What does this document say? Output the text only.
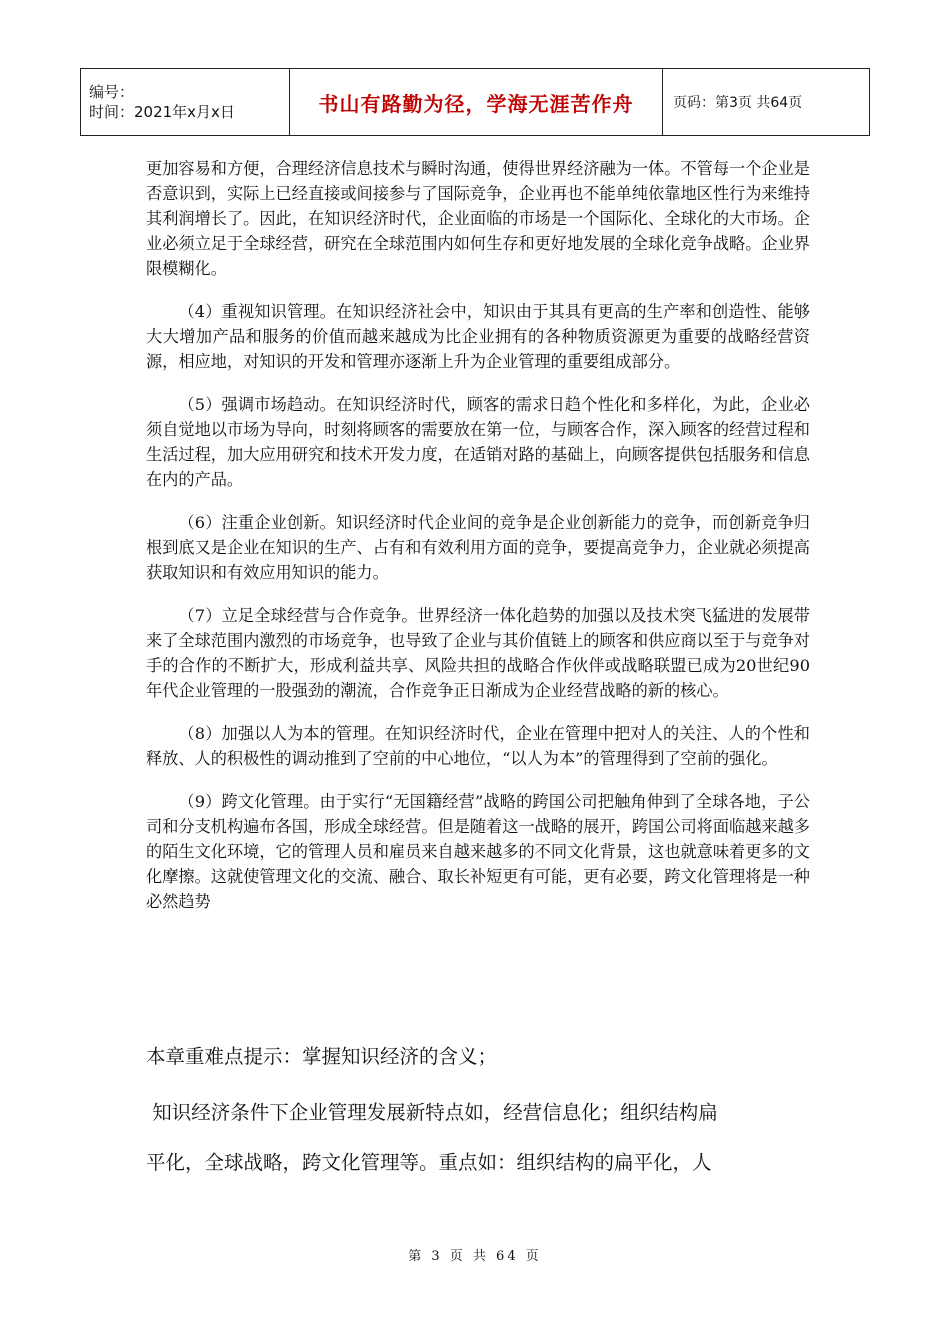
编号：
时间：2021年x月x日	书山有路勤为径，学海无涯苦作舟	页码：第3页 共64页

更加容易和方便，合理经济信息技术与瞬时沟通，使得世界经济融为一体。不管每一个企业是否意识到，实际上已经直接或间接参与了国际竞争，企业再也不能单纯依靠地区性行为来维持其利润增长了。因此，在知识经济时代，企业面临的市场是一个国际化、全球化的大市场。企业必须立足于全球经营，研究在全球范围内如何生存和更好地发展的全球化竞争战略。企业界限模糊化。

（4）重视知识管理。在知识经济社会中，知识由于其具有更高的生产率和创造性、能够大大增加产品和服务的价值而越来越成为比企业拥有的各种物质资源更为重要的战略经营资源，相应地，对知识的开发和管理亦逐渐上升为企业管理的重要组成部分。

（5）强调市场趋动。在知识经济时代，顾客的需求日趋个性化和多样化，为此，企业必须自觉地以市场为导向，时刻将顾客的需要放在第一位，与顾客合作，深入顾客的经营过程和生活过程，加大应用研究和技术开发力度，在适销对路的基础上，向顾客提供包括服务和信息在内的产品。

（6）注重企业创新。知识经济时代企业间的竞争是企业创新能力的竞争，而创新竞争归根到底又是企业在知识的生产、占有和有效利用方面的竞争，要提高竞争力，企业就必须提高获取知识和有效应用知识的能力。

（7）立足全球经营与合作竞争。世界经济一体化趋势的加强以及技术突飞猛进的发展带来了全球范围内激烈的市场竞争，也导致了企业与其价值链上的顾客和供应商以至于与竞争对手的合作的不断扩大，形成利益共享、风险共担的战略合作伙伴或战略联盟已成为20世纪90年代企业管理的一股强劲的潮流，合作竞争正日渐成为企业经营战略的新的核心。

（8）加强以人为本的管理。在知识经济时代，企业在管理中把对人的关注、人的个性和释放、人的积极性的调动推到了空前的中心地位，“以人为本”的管理得到了空前的强化。

（9）跨文化管理。由于实行“无国籍经营”战略的跨国公司把触角伸到了全球各地，子公司和分支机构遍布各国，形成全球经营。但是随着这一战略的展开，跨国公司将面临越来越多的陌生文化环境，它的管理人员和雇员来自越来越多的不同文化背景，这也就意味着更多的文化摩擦。这就使管理文化的交流、融合、取长补短更有可能，更有必要，跨文化管理将是一种必然趋势

本章重难点提示：掌握知识经济的含义；

知识经济条件下企业管理发展新特点如，经营信息化；组织结构扁

平化，全球战略，跨文化管理等。重点如：组织结构的扁平化，人

第 3 页 共 64 页
